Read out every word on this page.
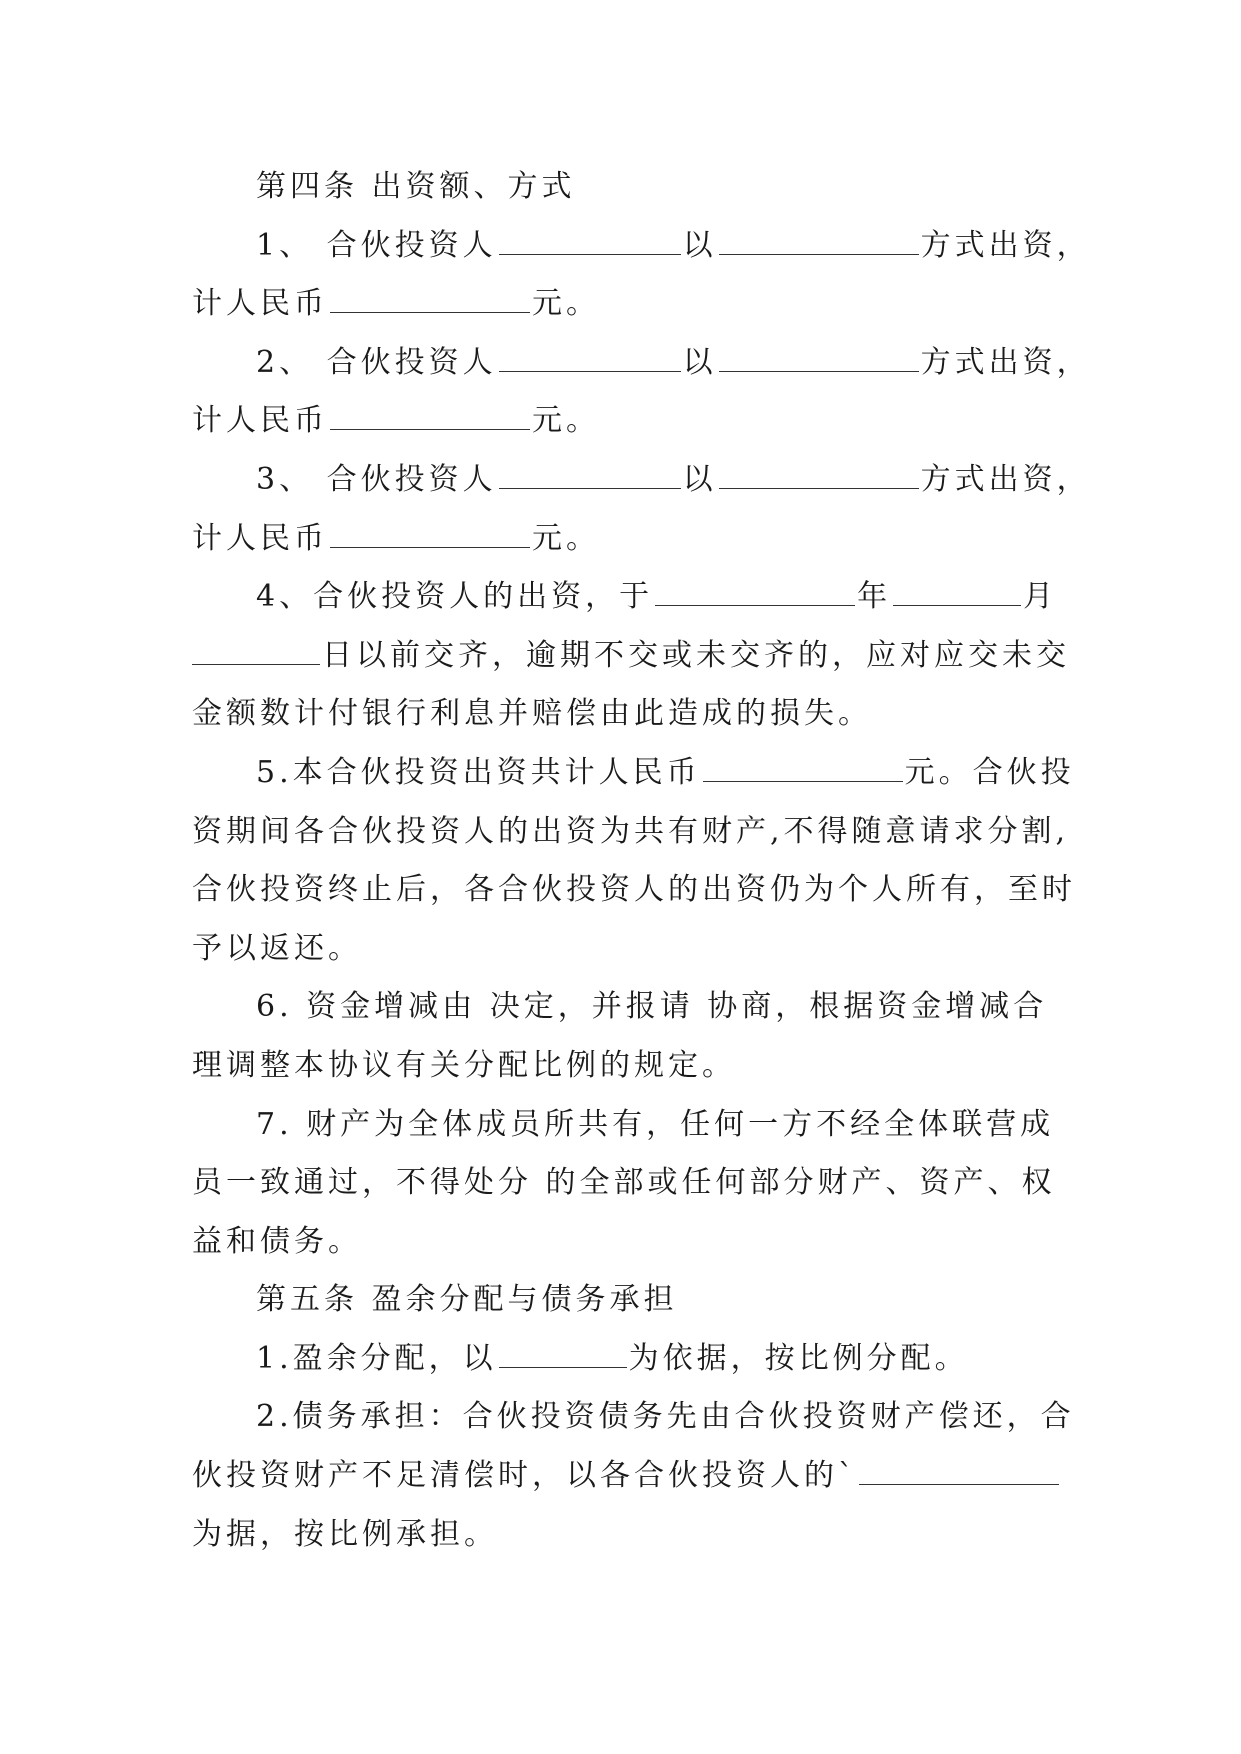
第四条 出资额、方式

1、 合伙投资人	以	方式出资，
计人民币	元。

2、 合伙投资人	以	方式出资，
计人民币	元。

3、 合伙投资人	以	方式出资，
计人民币	元。

4、合伙投资人的出资，于	年	月
日以前交齐，逾期不交或未交齐的，应对应交未交
金额数计付银行利息并赔偿由此造成的损失。

5.本合伙投资出资共计人民币	元。合伙投
资期间各合伙投资人的出资为共有财产,不得随意请求分割,
合伙投资终止后，各合伙投资人的出资仍为个人所有，至时
予以返还。

6. 资金增减由 决定，并报请 协商，根据资金增减合
理调整本协议有关分配比例的规定。

7. 财产为全体成员所共有，任何一方不经全体联营成
员一致通过，不得处分 的全部或任何部分财产、资产、权
益和债务。

第五条 盈余分配与债务承担

1.盈余分配，以	为依据，按比例分配。

2.债务承担：合伙投资债务先由合伙投资财产偿还，合
伙投资财产不足清偿时，以各合伙投资人的`
为据，按比例承担。
